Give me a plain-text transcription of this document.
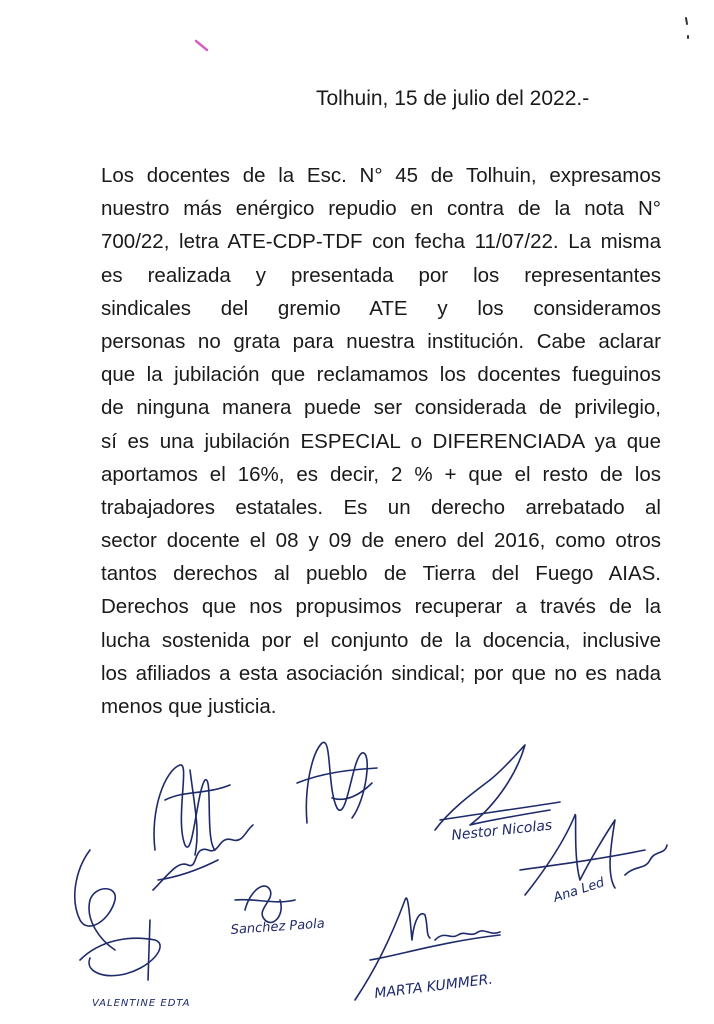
Tolhuin, 15 de julio del 2022.-
Los docentes de la Esc. N° 45 de Tolhuin, expresamos
nuestro más enérgico repudio en contra de la nota N°
700/22, letra ATE-CDP-TDF con fecha 11/07/22. La misma
es realizada y presentada por los representantes
sindicales del gremio ATE y los consideramos
personas no grata para nuestra institución. Cabe aclarar
que la jubilación que reclamamos los docentes fueguinos
de ninguna manera puede ser considerada de privilegio,
sí es una jubilación ESPECIAL o DIFERENCIADA ya que
aportamos el 16%, es decir, 2 % + que el resto de los
trabajadores estatales. Es un derecho arrebatado al
sector docente el 08 y 09 de enero del 2016, como otros
tantos derechos al pueblo de Tierra del Fuego AIAS.
Derechos que nos propusimos recuperar a través de la
lucha sostenida por el conjunto de la docencia, inclusive
los afiliados a esta asociación sindical; por que no es nada
menos que justicia.
Nestor Nicolas
Sanchez Paola
MARTA KUMMER.
Ana Led
VALENTINE EDTA
